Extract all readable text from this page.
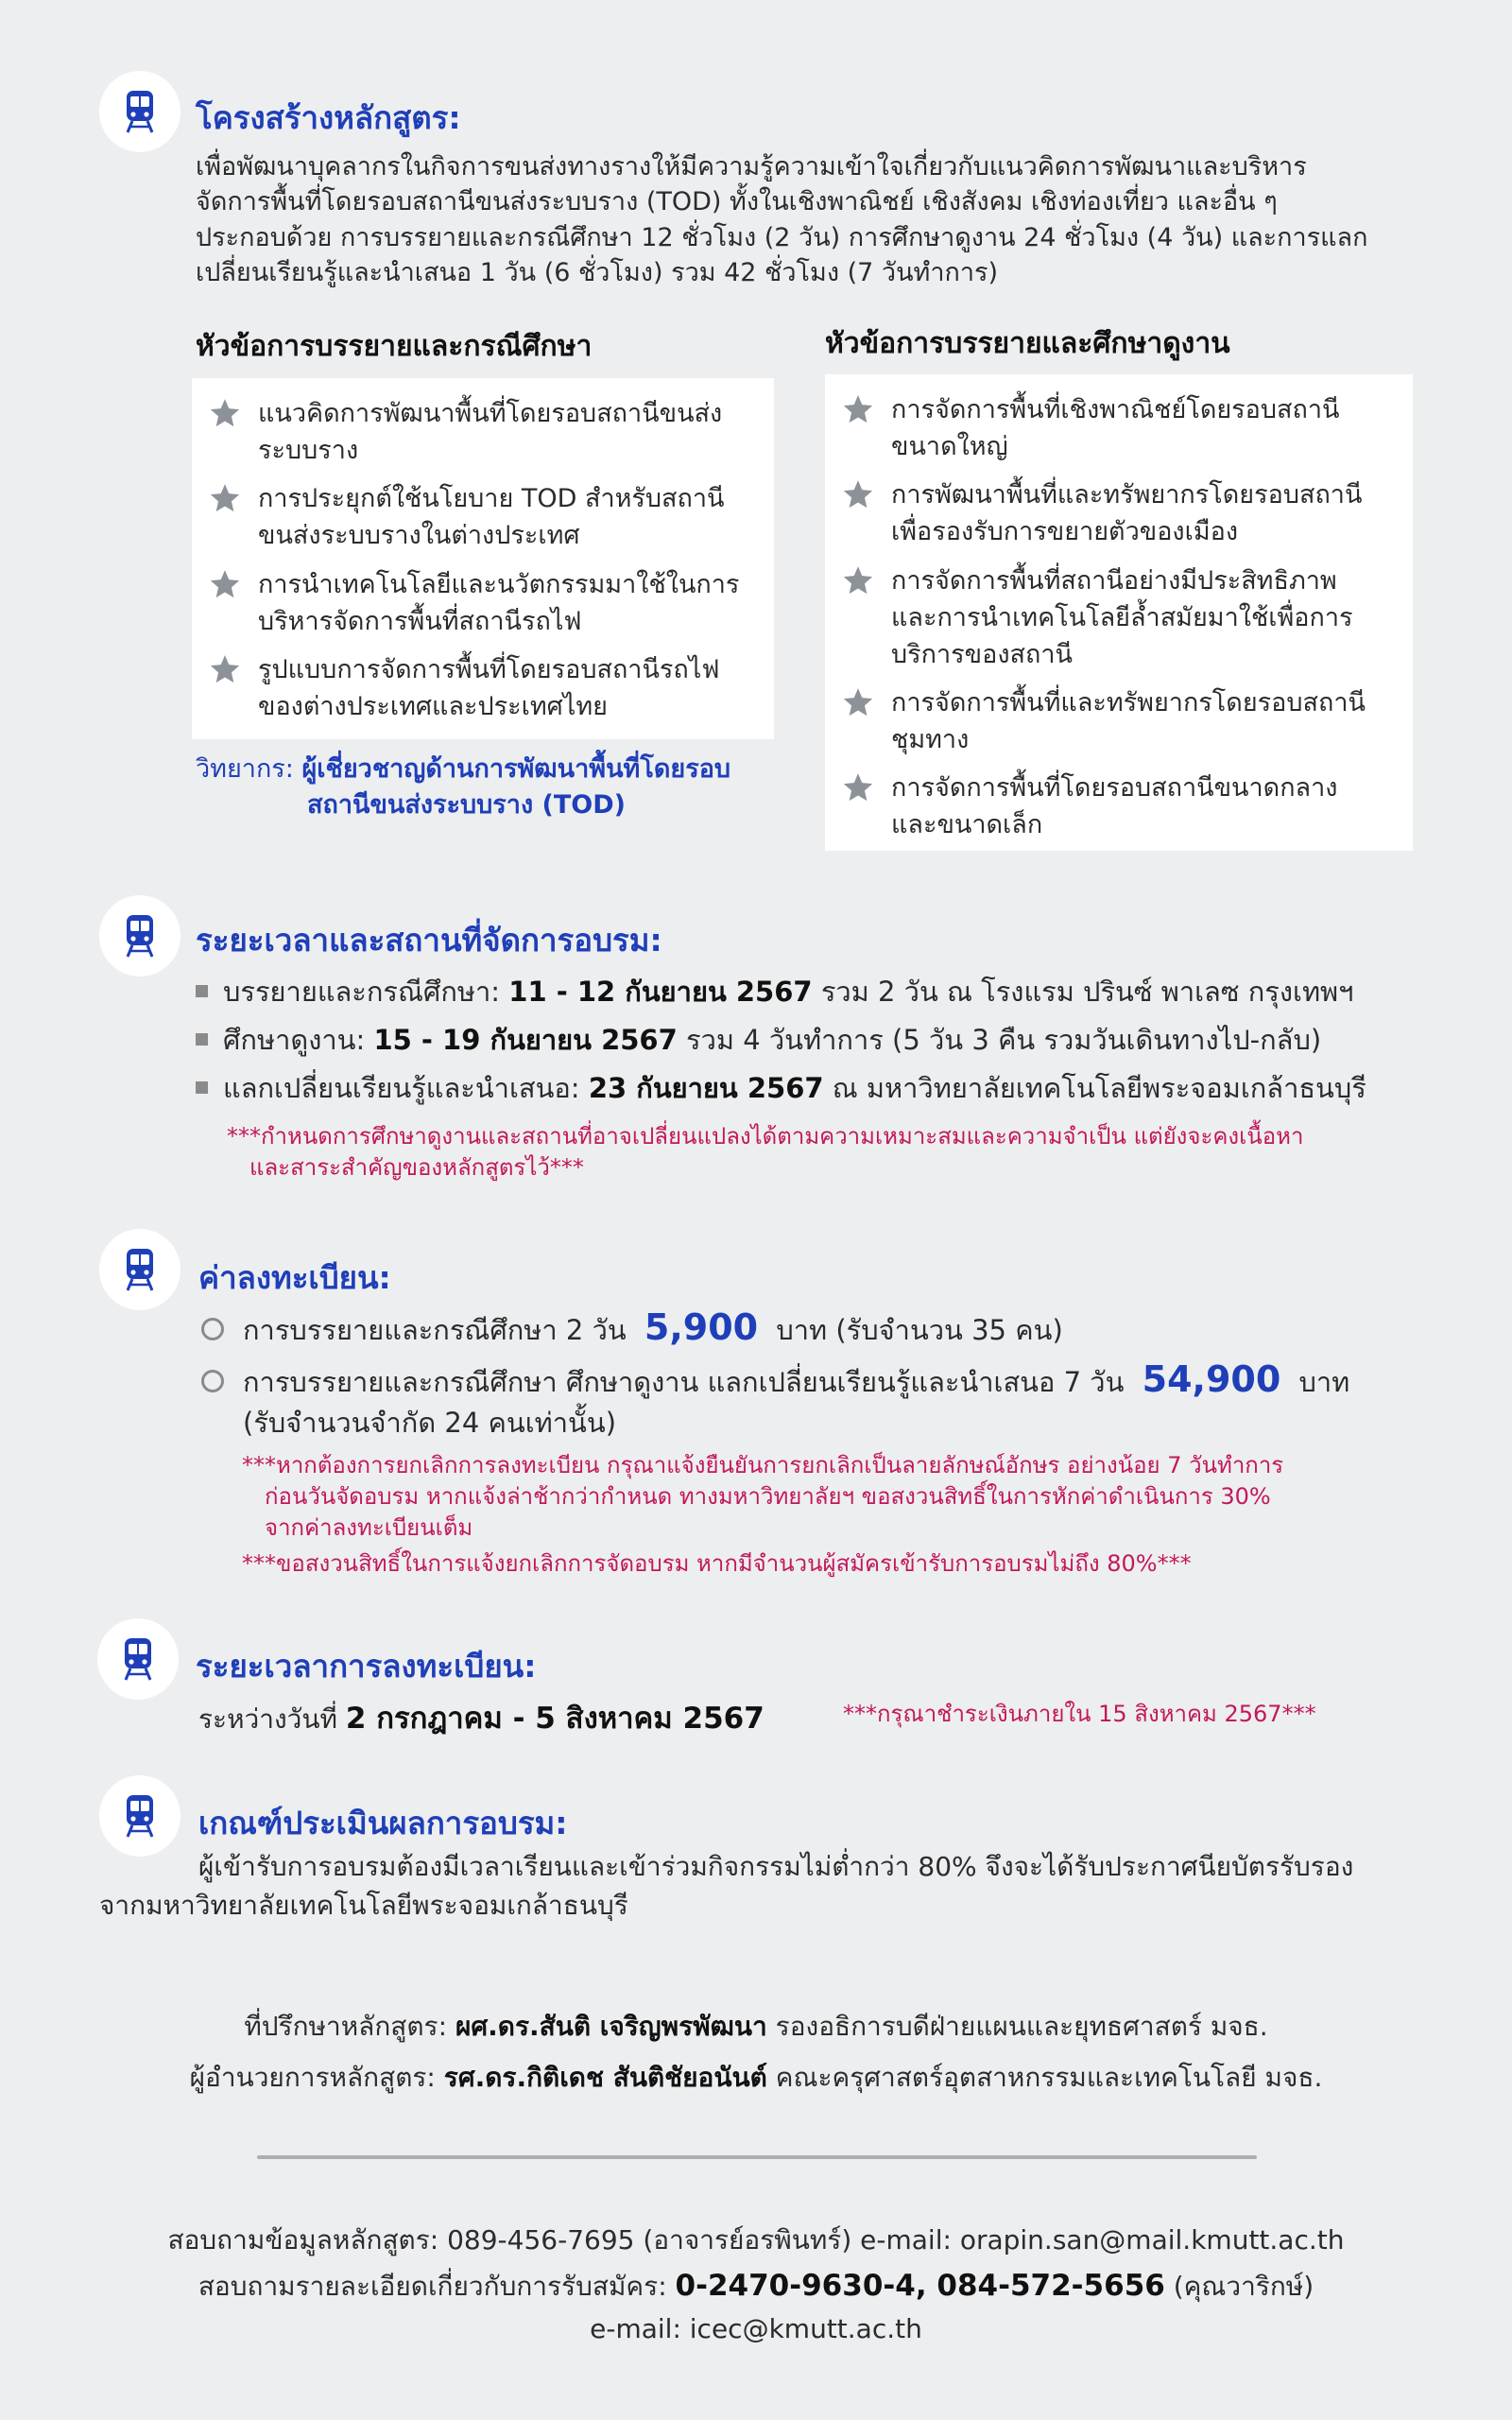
โครงสร้างหลักสูตร:

เพื่อพัฒนาบุคลากรในกิจการขนส่งทางรางให้มีความรู้ความเข้าใจเกี่ยวกับแนวคิดการพัฒนาและบริหาร

จัดการพื้นที่โดยรอบสถานีขนส่งระบบราง (TOD) ทั้งในเชิงพาณิชย์ เชิงสังคม เชิงท่องเที่ยว และอื่น ๆ

ประกอบด้วย การบรรยายและกรณีศึกษา 12 ชั่วโมง (2 วัน) การศึกษาดูงาน 24 ชั่วโมง (4 วัน) และการแลก

เปลี่ยนเรียนรู้และนำเสนอ 1 วัน (6 ชั่วโมง) รวม 42 ชั่วโมง (7 วันทำการ)

หัวข้อการบรรยายและกรณีศึกษา	หัวข้อการบรรยายและศึกษาดูงาน

แนวคิดการพัฒนาพื้นที่โดยรอบสถานีขนส่ง

ระบบราง

การประยุกต์ใช้นโยบาย TOD สำหรับสถานี

ขนส่งระบบรางในต่างประเทศ

การนำเทคโนโลยีและนวัตกรรมมาใช้ในการ

บริหารจัดการพื้นที่สถานีรถไฟ

รูปแบบการจัดการพื้นที่โดยรอบสถานีรถไฟ

ของต่างประเทศและประเทศไทย

วิทยากร: ผู้เชี่ยวชาญด้านการพัฒนาพื้นที่โดยรอบ
สถานีขนส่งระบบราง (TOD)

การจัดการพื้นที่เชิงพาณิชย์โดยรอบสถานี

ขนาดใหญ่

การพัฒนาพื้นที่และทรัพยากรโดยรอบสถานี

เพื่อรองรับการขยายตัวของเมือง

การจัดการพื้นที่สถานีอย่างมีประสิทธิภาพ

และการนำเทคโนโลยีล้ำสมัยมาใช้เพื่อการ

บริการของสถานี

การจัดการพื้นที่และทรัพยากรโดยรอบสถานี

ชุมทาง

การจัดการพื้นที่โดยรอบสถานีขนาดกลาง

และขนาดเล็ก

ระยะเวลาและสถานที่จัดการอบรม:
บรรยายและกรณีศึกษา: 11 - 12 กันยายน 2567 รวม 2 วัน ณ โรงแรม ปรินซ์ พาเลซ กรุงเทพฯ
ศึกษาดูงาน: 15 - 19 กันยายน 2567 รวม 4 วันทำการ (5 วัน 3 คืน รวมวันเดินทางไป-กลับ)
แลกเปลี่ยนเรียนรู้และนำเสนอ: 23 กันยายน 2567 ณ มหาวิทยาลัยเทคโนโลยีพระจอมเกล้าธนบุรี

***กำหนดการศึกษาดูงานและสถานที่อาจเปลี่ยนแปลงได้ตามความเหมาะสมและความจำเป็น แต่ยังจะคงเนื้อหา

และสาระสำคัญของหลักสูตรไว้***

ค่าลงทะเบียน:
การบรรยายและกรณีศึกษา 2 วัน 5,900 บาท (รับจำนวน 35 คน)
การบรรยายและกรณีศึกษา ศึกษาดูงาน แลกเปลี่ยนเรียนรู้และนำเสนอ 7 วัน 54,900 บาท
(รับจำนวนจำกัด 24 คนเท่านั้น)

***หากต้องการยกเลิกการลงทะเบียน กรุณาแจ้งยืนยันการยกเลิกเป็นลายลักษณ์อักษร อย่างน้อย 7 วันทำการ

ก่อนวันจัดอบรม หากแจ้งล่าช้ากว่ากำหนด ทางมหาวิทยาลัยฯ ขอสงวนสิทธิ์ในการหักค่าดำเนินการ 30%

จากค่าลงทะเบียนเต็ม

***ขอสงวนสิทธิ์ในการแจ้งยกเลิกการจัดอบรม หากมีจำนวนผู้สมัครเข้ารับการอบรมไม่ถึง 80%***
ระยะเวลาการลงทะเบียน:
ระหว่างวันที่ 2 กรกฎาคม - 5 สิงหาคม 2567	***กรุณาชำระเงินภายใน 15 สิงหาคม 2567***
เกณฑ์ประเมินผลการอบรม:

ผู้เข้ารับการอบรมต้องมีเวลาเรียนและเข้าร่วมกิจกรรมไม่ต่ำกว่า 80% จึงจะได้รับประกาศนียบัตรรับรอง

จากมหาวิทยาลัยเทคโนโลยีพระจอมเกล้าธนบุรี

ที่ปรึกษาหลักสูตร: ผศ.ดร.สันติ เจริญพรพัฒนา รองอธิการบดีฝ่ายแผนและยุทธศาสตร์ มจธ.
ผู้อำนวยการหลักสูตร: รศ.ดร.กิติเดช สันติชัยอนันต์ คณะครุศาสตร์อุตสาหกรรมและเทคโนโลยี มจธ.
สอบถามข้อมูลหลักสูตร: 089-456-7695 (อาจารย์อรพินทร์) e-mail: orapin.san@mail.kmutt.ac.th
สอบถามรายละเอียดเกี่ยวกับการรับสมัคร: 0-2470-9630-4, 084-572-5656 (คุณวาริกษ์)
e-mail: icec@kmutt.ac.th
